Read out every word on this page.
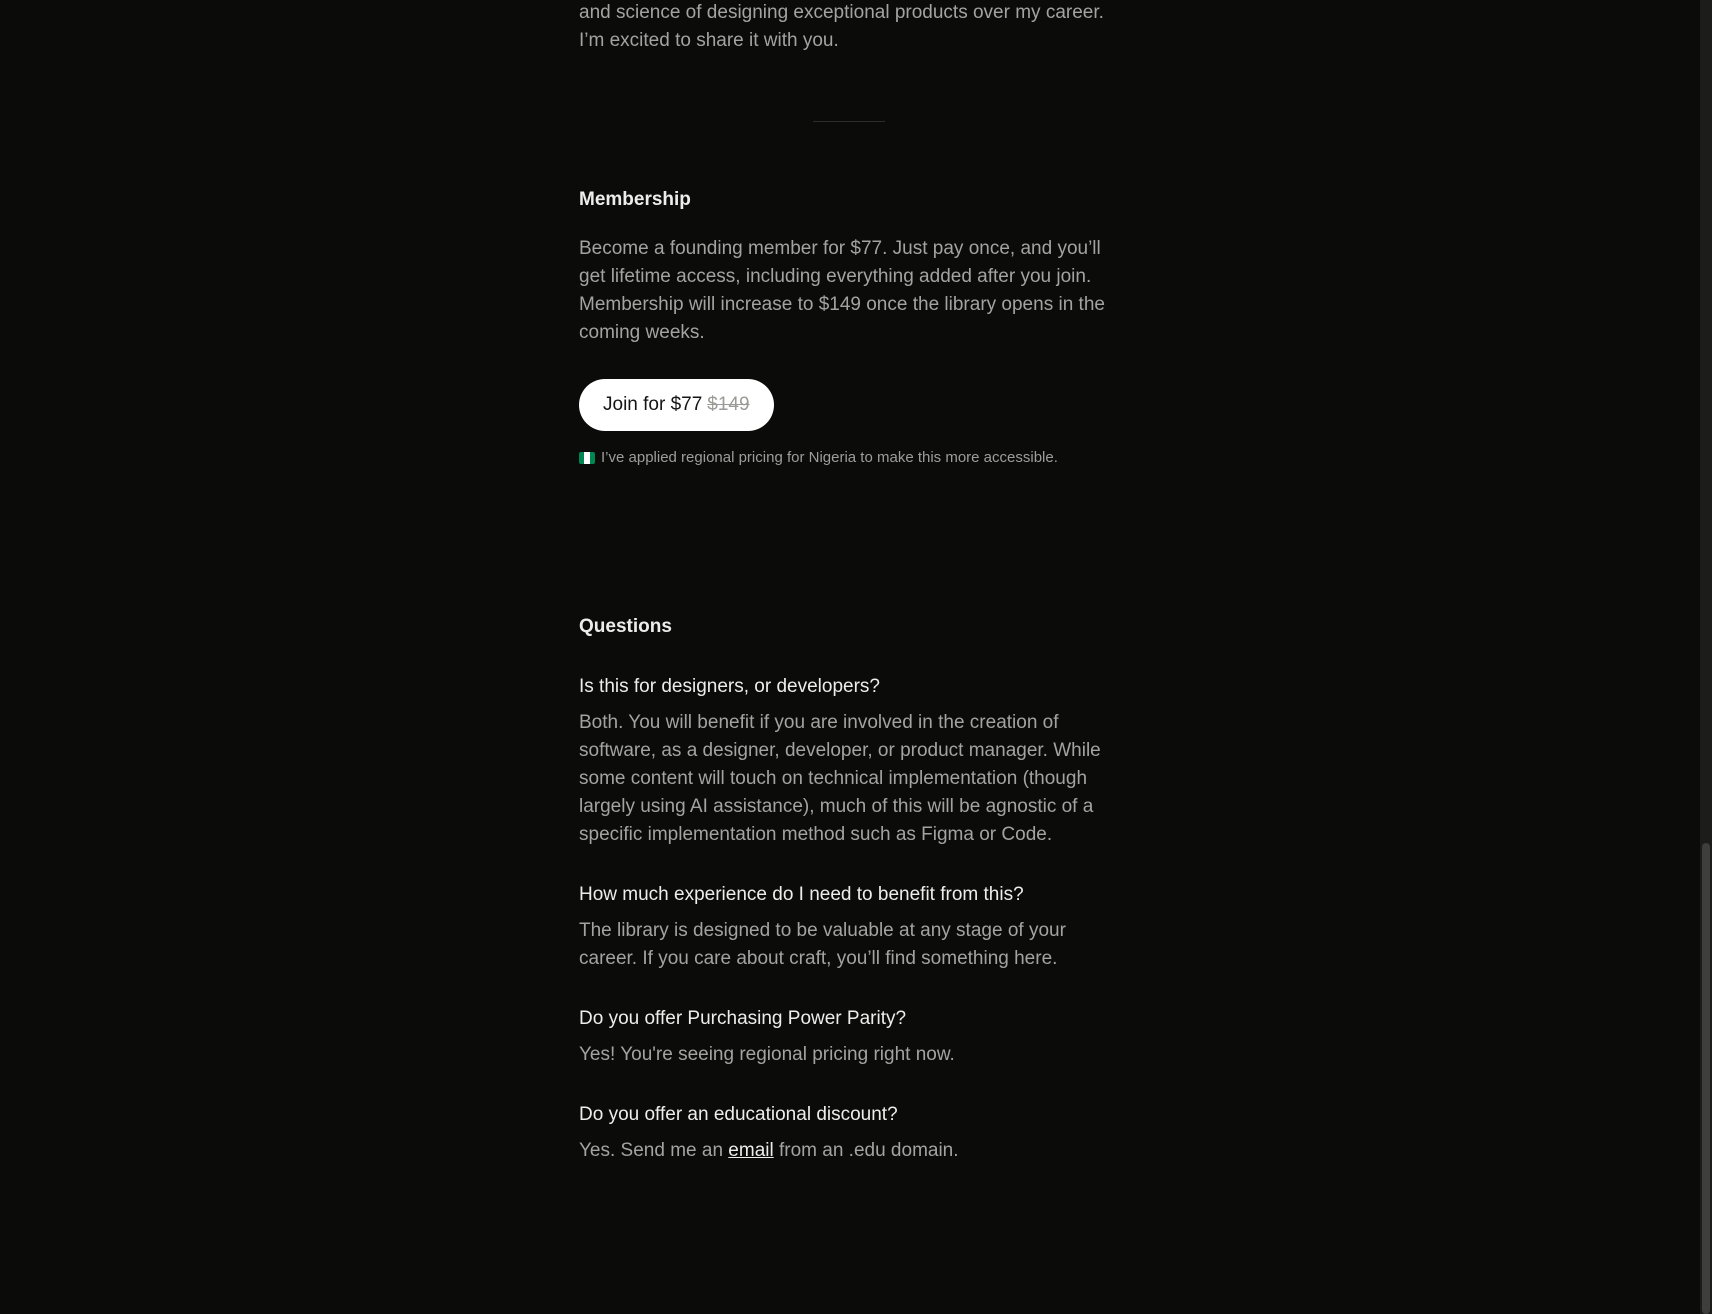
and science of designing exceptional products over my career. I’m excited to share it with you.

Membership

Become a founding member for $77. Just pay once, and you’ll get lifetime access, including everything added after you join. Membership will increase to $149 once the library opens in the coming weeks.

Join for $77 $149

I’ve applied regional pricing for Nigeria to make this more accessible.

Questions
Is this for designers, or developers?

Both. You will benefit if you are involved in the creation of software, as a designer, developer, or product manager. While some content will touch on technical implementation (though largely using AI assistance), much of this will be agnostic of a specific implementation method such as Figma or Code.

How much experience do I need to benefit from this?

The library is designed to be valuable at any stage of your career. If you care about craft, you’ll find something here.

Do you offer Purchasing Power Parity?

Yes! You're seeing regional pricing right now.

Do you offer an educational discount?

Yes. Send me an email from an .edu domain.
